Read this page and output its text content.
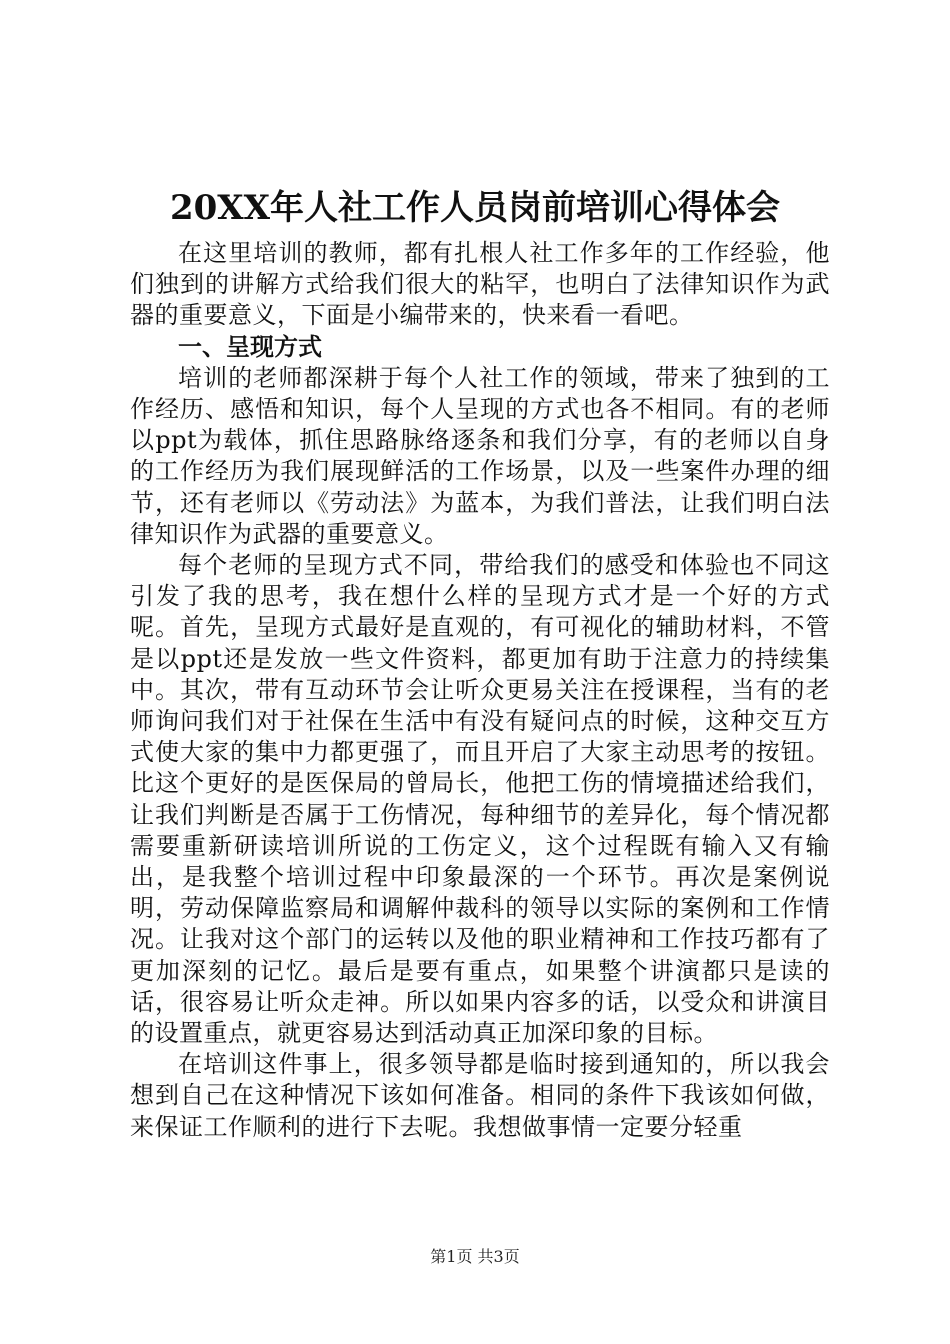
20XX年人社工作人员岗前培训心得体会

在这里培训的教师，都有扎根人社工作多年的工作经验，他们独到的讲解方式给我们很大的粘罕，也明白了法律知识作为武器的重要意义，下面是小编带来的，快来看一看吧。

一、呈现方式

培训的老师都深耕于每个人社工作的领域，带来了独到的工作经历、感悟和知识，每个人呈现的方式也各不相同。有的老师以ppt为载体，抓住思路脉络逐条和我们分享，有的老师以自身的工作经历为我们展现鲜活的工作场景，以及一些案件办理的细节，还有老师以《劳动法》为蓝本，为我们普法，让我们明白法律知识作为武器的重要意义。

每个老师的呈现方式不同，带给我们的感受和体验也不同这引发了我的思考，我在想什么样的呈现方式才是一个好的方式呢。首先，呈现方式最好是直观的，有可视化的辅助材料，不管是以ppt还是发放一些文件资料，都更加有助于注意力的持续集中。其次，带有互动环节会让听众更易关注在授课程，当有的老师询问我们对于社保在生活中有没有疑问点的时候，这种交互方式使大家的集中力都更强了，而且开启了大家主动思考的按钮。比这个更好的是医保局的曾局长，他把工伤的情境描述给我们，让我们判断是否属于工伤情况，每种细节的差异化，每个情况都需要重新研读培训所说的工伤定义，这个过程既有输入又有输出，是我整个培训过程中印象最深的一个环节。再次是案例说明，劳动保障监察局和调解仲裁科的领导以实际的案例和工作情况。让我对这个部门的运转以及他的职业精神和工作技巧都有了更加深刻的记忆。最后是要有重点，如果整个讲演都只是读的话，很容易让听众走神。所以如果内容多的话，以受众和讲演目的设置重点，就更容易达到活动真正加深印象的目标。

在培训这件事上，很多领导都是临时接到通知的，所以我会想到自己在这种情况下该如何准备。相同的条件下我该如何做，来保证工作顺利的进行下去呢。我想做事情一定要分轻重

第1页 共3页
